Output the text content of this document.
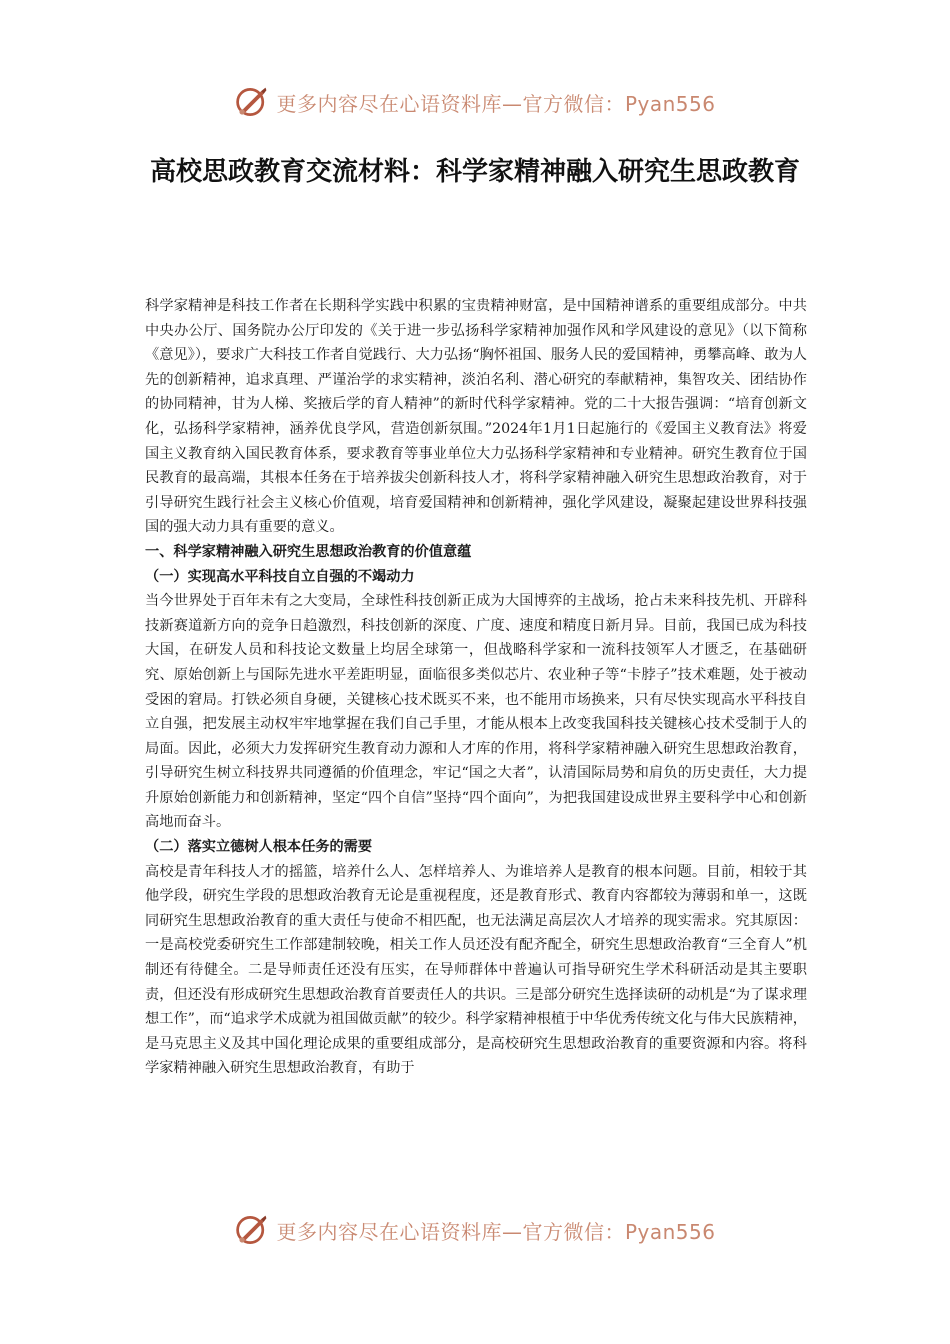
更多内容尽在心语资料库—官方微信：Pyan556
高校思政教育交流材料：科学家精神融入研究生思政教育

科学家精神是科技工作者在长期科学实践中积累的宝贵精神财富，是中国精神谱系的重要组成部分。中共中央办公厅、国务院办公厅印发的《关于进一步弘扬科学家精神加强作风和学风建设的意见》（以下简称《意见》），要求广大科技工作者自觉践行、大力弘扬“胸怀祖国、服务人民的爱国精神，勇攀高峰、敢为人先的创新精神，追求真理、严谨治学的求实精神，淡泊名利、潜心研究的奉献精神，集智攻关、团结协作的协同精神，甘为人梯、奖掖后学的育人精神”的新时代科学家精神。党的二十大报告强调：“培育创新文化，弘扬科学家精神，涵养优良学风，营造创新氛围。”2024年1月1日起施行的《爱国主义教育法》将爱国主义教育纳入国民教育体系，要求教育等事业单位大力弘扬科学家精神和专业精神。研究生教育位于国民教育的最高端，其根本任务在于培养拔尖创新科技人才，将科学家精神融入研究生思想政治教育，对于引导研究生践行社会主义核心价值观，培育爱国精神和创新精神，强化学风建设，凝聚起建设世界科技强国的强大动力具有重要的意义。

一、科学家精神融入研究生思想政治教育的价值意蕴
（一）实现高水平科技自立自强的不竭动力

当今世界处于百年未有之大变局，全球性科技创新正成为大国博弈的主战场，抢占未来科技先机、开辟科技新赛道新方向的竞争日趋激烈，科技创新的深度、广度、速度和精度日新月异。目前，我国已成为科技大国，在研发人员和科技论文数量上均居全球第一，但战略科学家和一流科技领军人才匮乏，在基础研究、原始创新上与国际先进水平差距明显，面临很多类似芯片、农业种子等“卡脖子”技术难题，处于被动受困的窘局。打铁必须自身硬，关键核心技术既买不来，也不能用市场换来，只有尽快实现高水平科技自立自强，把发展主动权牢牢地掌握在我们自己手里，才能从根本上改变我国科技关键核心技术受制于人的局面。因此，必须大力发挥研究生教育动力源和人才库的作用，将科学家精神融入研究生思想政治教育，引导研究生树立科技界共同遵循的价值理念，牢记“国之大者”，认清国际局势和肩负的历史责任，大力提升原始创新能力和创新精神，坚定“四个自信”坚持“四个面向”，为把我国建设成世界主要科学中心和创新高地而奋斗。

（二）落实立德树人根本任务的需要

高校是青年科技人才的摇篮，培养什么人、怎样培养人、为谁培养人是教育的根本问题。目前，相较于其他学段，研究生学段的思想政治教育无论是重视程度，还是教育形式、教育内容都较为薄弱和单一，这既同研究生思想政治教育的重大责任与使命不相匹配，也无法满足高层次人才培养的现实需求。究其原因：一是高校党委研究生工作部建制较晚，相关工作人员还没有配齐配全，研究生思想政治教育“三全育人”机制还有待健全。二是导师责任还没有压实，在导师群体中普遍认可指导研究生学术科研活动是其主要职责，但还没有形成研究生思想政治教育首要责任人的共识。三是部分研究生选择读研的动机是“为了谋求理想工作”，而“追求学术成就为祖国做贡献”的较少。科学家精神根植于中华优秀传统文化与伟大民族精神，是马克思主义及其中国化理论成果的重要组成部分，是高校研究生思想政治教育的重要资源和内容。将科学家精神融入研究生思想政治教育，有助于

更多内容尽在心语资料库—官方微信：Pyan556
